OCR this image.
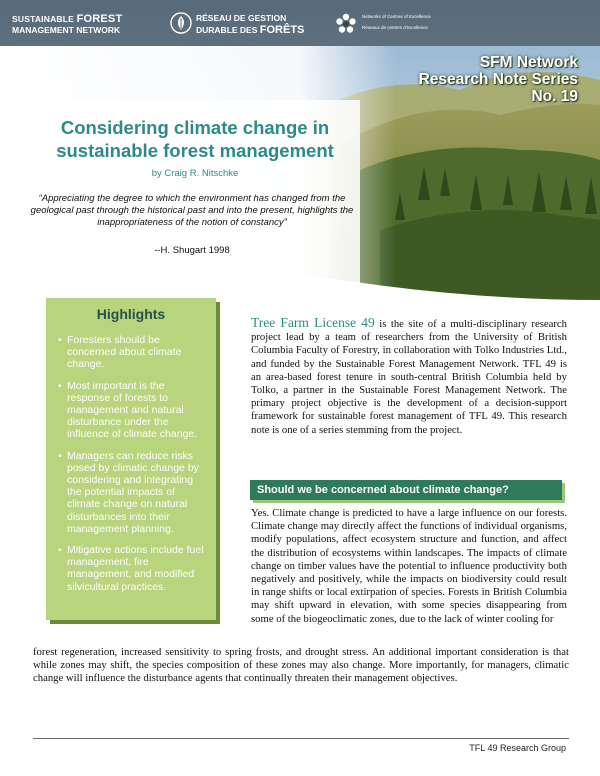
SUSTAINABLE FOREST
MANAGEMENT NETWORK
RÉSEAU DE GESTION
DURABLE DES FORÊTS
Networks of Centres of Excellence
Réseaux de centres d'excellence
SFM Network
Research Note Series
No. 19
Considering climate change in
sustainable forest management
by Craig R. Nitschke
“Appreciating the degree to which the environment has changed from the geological past through the historical past and into the present, highlights the inappropriateness of the notion of constancy”
--H. Shugart 1998
Highlights
• Foresters should be concerned about climate change.
• Most important is the response of forests to management and natural disturbance under the influence of climate change.
• Managers can reduce risks posed by climatic change by considering and integrating the potential impacts of climate change on natural disturbances into their management planning.
• Mitigative actions include fuel management, fire management, and modified silvicultural practices.
Tree Farm License 49 is the site of a multi-disciplinary research project lead by a team of researchers from the University of British Columbia Faculty of Forestry, in collaboration with Tolko Industries Ltd., and funded by the Sustainable Forest Management Network. TFL 49 is an area-based forest tenure in south-central British Columbia held by Tolko, a partner in the Sustainable Forest Management Network. The primary project objective is the development of a decision-support framework for sustainable forest management of TFL 49. This research note is one of a series stemming from the project.
Should we be concerned about climate change?
Yes. Climate change is predicted to have a large influence on our forests. Climate change may directly affect the functions of individual organisms, modify populations, affect ecosystem structure and function, and affect the distribution of ecosystems within landscapes. The impacts of climate change on timber values have the potential to influence productivity both negatively and positively, while the impacts on biodiversity could result in range shifts or local extirpation of species. Forests in British Columbia may shift upward in elevation, with some species disappearing from some of the biogeoclimatic zones, due to the lack of winter cooling for
forest regeneration, increased sensitivity to spring frosts, and drought stress. An additional important consideration is that while zones may shift, the species composition of these zones may also change. More importantly, for managers, climatic change will influence the disturbance agents that continually threaten their management objectives.
TFL 49 Research Group
